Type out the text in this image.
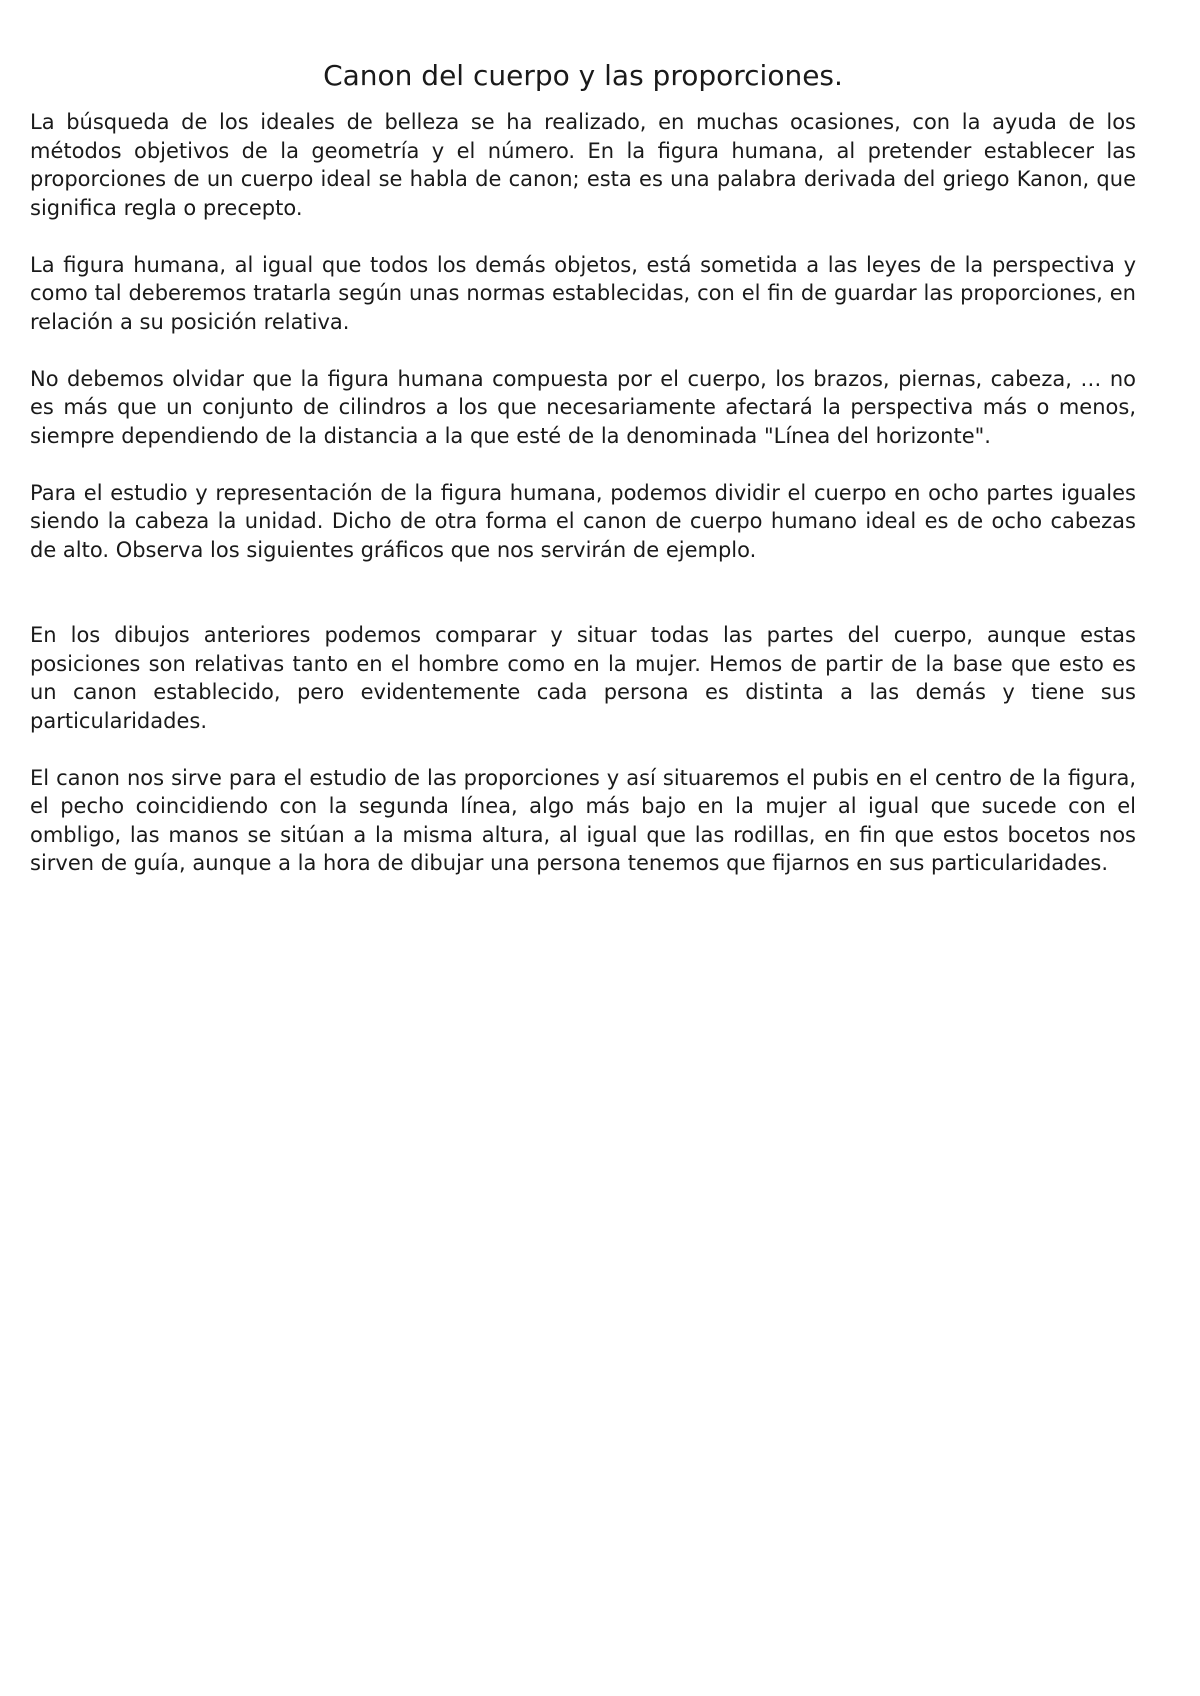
Canon del cuerpo y las proporciones.

La búsqueda de los ideales de belleza se ha realizado, en muchas ocasiones, con la ayuda de los métodos objetivos de la geometría y el número. En la figura humana, al pretender establecer las proporciones de un cuerpo ideal se habla de canon; esta es una palabra derivada del griego Kanon, que significa regla o precepto.

La figura humana, al igual que todos los demás objetos, está sometida a las leyes de la perspectiva y como tal deberemos tratarla según unas normas establecidas, con el fin de guardar las proporciones, en relación a su posición relativa.

No debemos olvidar que la figura humana compuesta por el cuerpo, los brazos, piernas, cabeza, … no es más que un conjunto de cilindros a los que necesariamente afectará la perspectiva más o menos, siempre dependiendo de la distancia a la que esté de la denominada "Línea del horizonte".

Para el estudio y representación de la figura humana, podemos dividir el cuerpo en ocho partes iguales siendo la cabeza la unidad. Dicho de otra forma el canon de cuerpo humano ideal es de ocho cabezas de alto. Observa los siguientes gráficos que nos servirán de ejemplo.

En los dibujos anteriores podemos comparar y situar todas las partes del cuerpo, aunque estas posiciones son relativas tanto en el hombre como en la mujer. Hemos de partir de la base que esto es un canon establecido, pero evidentemente cada persona es distinta a las demás y tiene sus particularidades.

El canon nos sirve para el estudio de las proporciones y así situaremos el pubis en el centro de la figura, el pecho coincidiendo con la segunda línea, algo más bajo en la mujer al igual que sucede con el ombligo, las manos se sitúan a la misma altura, al igual que las rodillas, en fin que estos bocetos nos sirven de guía, aunque a la hora de dibujar una persona tenemos que fijarnos en sus particularidades.
